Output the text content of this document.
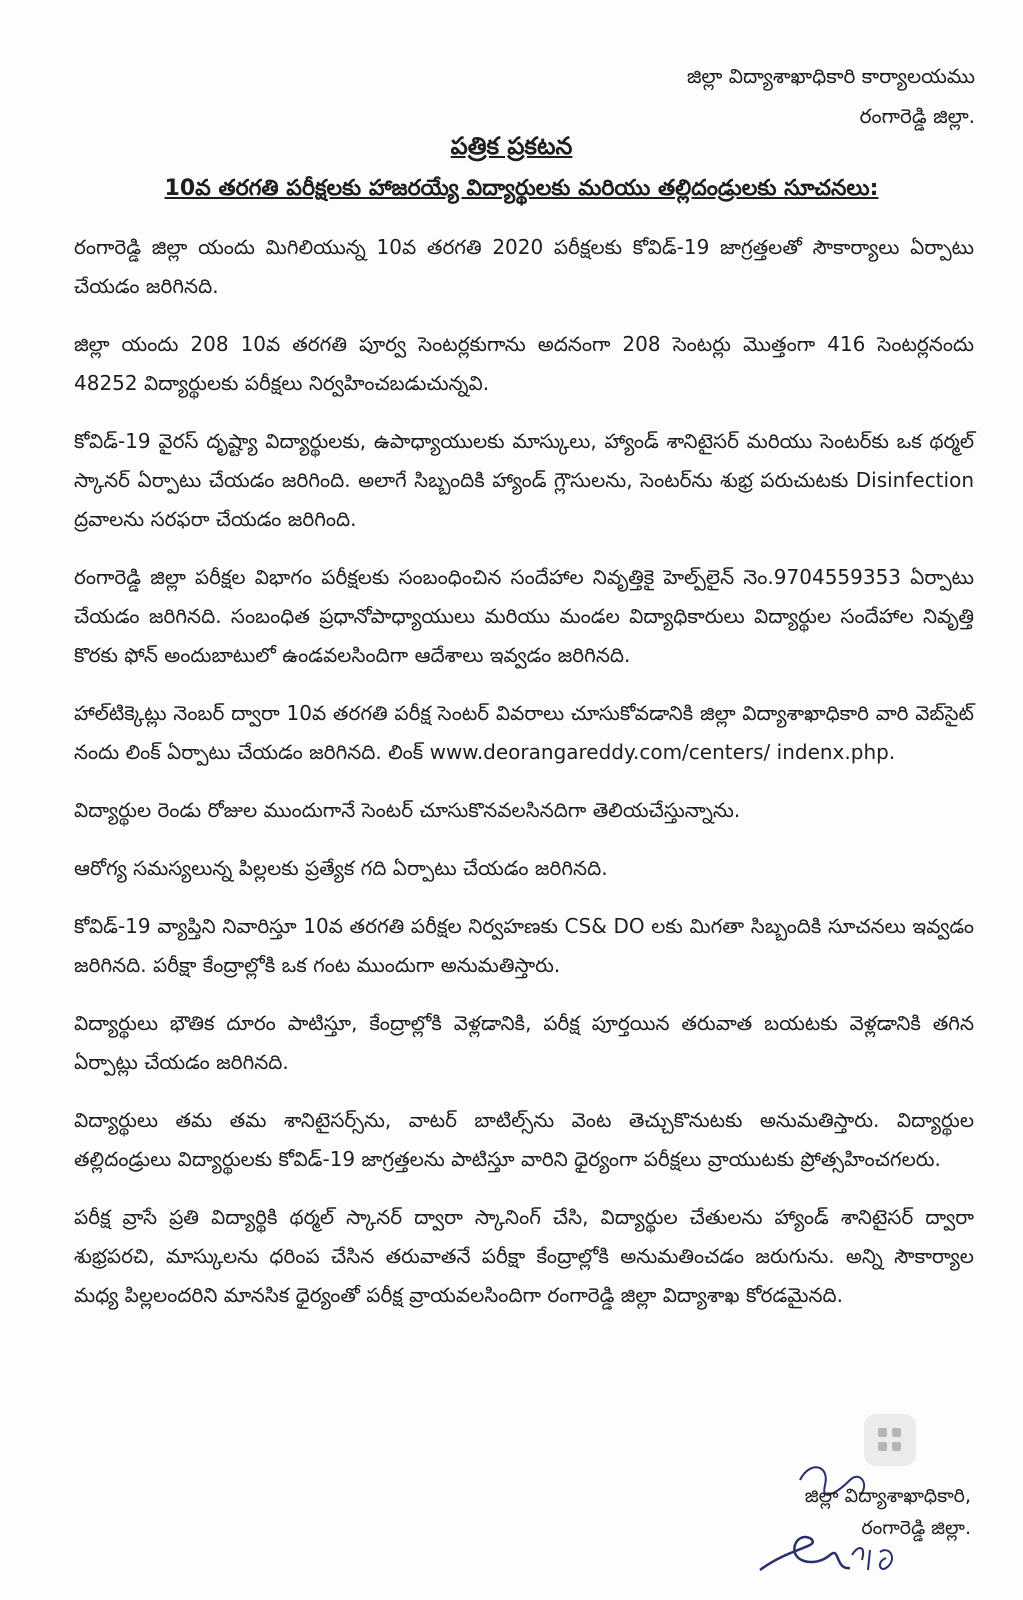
జిల్లా విద్యాశాఖాధికారి కార్యాలయము
రంగారెడ్డి జిల్లా.
పత్రిక ప్రకటన
10వ తరగతి పరీక్షలకు హాజరయ్యే విద్యార్థులకు మరియు తల్లిదండ్రులకు సూచనలు:

రంగారెడ్డి జిల్లా యందు మిగిలియున్న 10వ తరగతి 2020 పరీక్షలకు కోవిడ్-19 జాగ్రత్తలతో సౌకార్యాలు ఏర్పాటు చేయడం జరిగినది.

జిల్లా యందు 208 10వ తరగతి పూర్వ సెంటర్లకుగాను అదనంగా 208 సెంటర్లు మొత్తంగా 416 సెంటర్లనందు 48252 విద్యార్థులకు పరీక్షలు నిర్వహించబడుచున్నవి.

కోవిడ్-19 వైరస్ దృష్ట్యా విద్యార్థులకు, ఉపాధ్యాయులకు మాస్కులు, హ్యాండ్ శానిటైసర్ మరియు సెంటర్‌కు ఒక థర్మల్ స్కానర్ ఏర్పాటు చేయడం జరిగింది. అలాగే సిబ్బందికి హ్యాండ్ గ్లౌసులను, సెంటర్‌ను శుభ్ర పరుచుటకు Disinfection ద్రవాలను సరఫరా చేయడం జరిగింది.

రంగారెడ్డి జిల్లా పరీక్షల విభాగం పరీక్షలకు సంబంధించిన సందేహాల నివృత్తికై హెల్ప్‌లైన్ నెం.9704559353 ఏర్పాటు చేయడం జరిగినది. సంబంధిత ప్రధానోపాధ్యాయులు మరియు మండల విద్యాధికారులు విద్యార్థుల సందేహాల నివృత్తి కొరకు ఫోన్ అందుబాటులో ఉండవలసిందిగా ఆదేశాలు ఇవ్వడం జరిగినది.

హాల్‌టిక్కెట్లు నెంబర్ ద్వారా 10వ తరగతి పరీక్ష సెంటర్ వివరాలు చూసుకోవడానికి జిల్లా విద్యాశాఖాధికారి వారి వెబ్‌సైట్ నందు లింక్ ఏర్పాటు చేయడం జరిగినది. లింక్ www.deorangareddy.com/centers/ indenx.php.

విద్యార్థుల రెండు రోజుల ముందుగానే సెంటర్ చూసుకొనవలసినదిగా తెలియచేస్తున్నాను.

ఆరోగ్య సమస్యలున్న పిల్లలకు ప్రత్యేక గది ఏర్పాటు చేయడం జరిగినది.

కోవిడ్-19 వ్యాప్తిని నివారిస్తూ 10వ తరగతి పరీక్షల నిర్వహణకు CS& DO లకు మిగతా సిబ్బందికి సూచనలు ఇవ్వడం జరిగినది. పరీక్షా కేంద్రాల్లోకి ఒక గంట ముందుగా అనుమతిస్తారు.

విద్యార్థులు భౌతిక దూరం పాటిస్తూ, కేంద్రాల్లోకి వెళ్లడానికి, పరీక్ష పూర్తయిన తరువాత బయటకు వెళ్లడానికి తగిన ఏర్పాట్లు చేయడం జరిగినది.

విద్యార్థులు తమ తమ శానిటైసర్స్‌ను, వాటర్ బాటిల్స్‌ను వెంట తెచ్చుకొనుటకు అనుమతిస్తారు. విద్యార్థుల తల్లిదండ్రులు విద్యార్థులకు కోవిడ్-19 జాగ్రత్తలను పాటిస్తూ వారిని ధైర్యంగా పరీక్షలు వ్రాయుటకు ప్రోత్సహించగలరు.

పరీక్ష వ్రాసే ప్రతి విద్యార్థికి థర్మల్ స్కానర్ ద్వారా స్కానింగ్ చేసి, విద్యార్థుల చేతులను హ్యాండ్ శానిటైసర్ ద్వారా శుభ్రపరచి, మాస్కులను ధరింప చేసిన తరువాతనే పరీక్షా కేంద్రాల్లోకి అనుమతించడం జరుగును. అన్ని సౌకార్యాల మధ్య పిల్లలందరిని మానసిక ధైర్యంతో పరీక్ష వ్రాయవలసిందిగా రంగారెడ్డి జిల్లా విద్యాశాఖ కోరడమైనది.

జిల్లా విద్యాశాఖాధికారి,
రంగారెడ్డి జిల్లా.
